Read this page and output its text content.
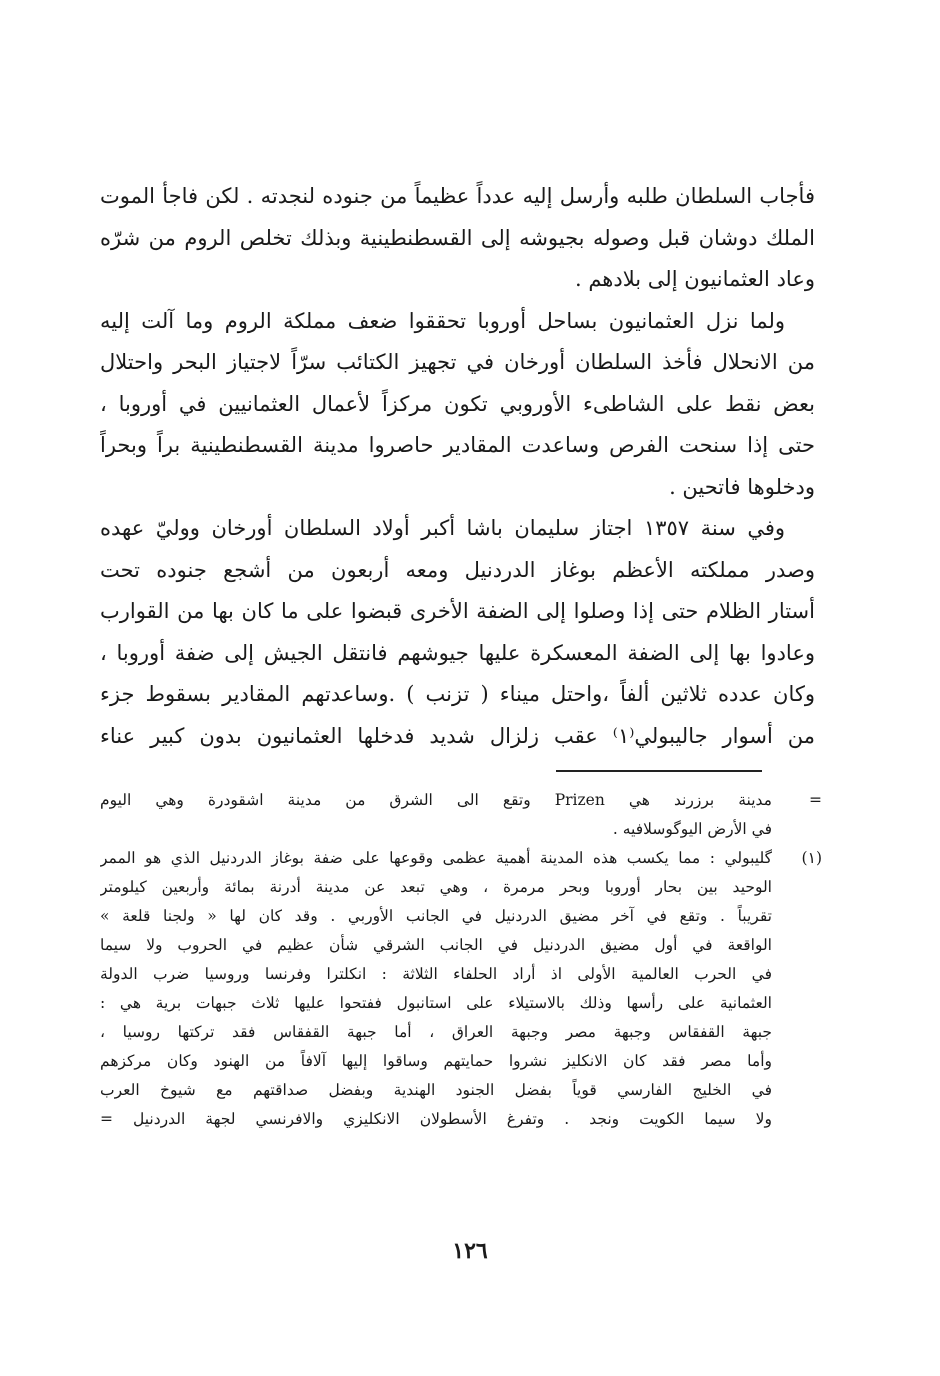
فأجاب السلطان طلبه وأرسل إليه عدداً عظيماً من جنوده لنجدته . لكن فاجأ الموت
الملك دوشان قبل وصوله بجيوشه إلى القسطنطينية وبذلك تخلص الروم من شرّه
وعاد العثمانيون إلى بلادهم .
ولما نزل العثمانيون بساحل أوروبا تحققوا ضعف مملكة الروم وما آلت إليه
من الانحلال فأخذ السلطان أورخان في تجهيز الكتائب سرّاً لاجتياز البحر واحتلال
بعض نقط على الشاطىء الأوروبي تكون مركزاً لأعمال العثمانيين في أوروبا ،
حتى إذا سنحت الفرص وساعدت المقادير حاصروا مدينة القسطنطينية براً وبحراً
ودخلوها فاتحين .
وفي سنة ١٣٥٧ اجتاز سليمان باشا أكبر أولاد السلطان أورخان ووليّ عهده
وصدر مملكته الأعظم بوغاز الدردنيل ومعه أربعون من أشجع جنوده تحت
أستار الظلام حتى إذا وصلوا إلى الضفة الأخرى قبضوا على ما كان بها من القوارب
وعادوا بها إلى الضفة المعسكرة عليها جيوشهم فانتقل الجيش إلى ضفة أوروبا ،
وكان عدده ثلاثين ألفاً ،واحتل ميناء ( تزنب ) .وساعدتهم المقادير بسقوط جزء
من أسوار جاليبولي⁽١⁾ عقب زلزال شديد فدخلها العثمانيون بدون كبير عناء
=
مدينة برزرند هي Prizen وتقع الى الشرق من مدينة اشقودرة وهي اليوم
في الأرض اليوگوسلافيه .
(١)
گليبولي : مما يكسب هذه المدينة أهمية عظمى وقوعها على ضفة بوغاز الدردنيل الذي هو الممر
الوحيد بين بحار أوروبا وبحر مرمرة ، وهي تبعد عن مدينة أدرنة بمائة وأربعين كيلومتر
تقريباً . وتقع في آخر مضيق الدردنيل في الجانب الأوربي . وقد كان لها « ولجنا قلعة »
الواقعة في أول مضيق الدردنيل في الجانب الشرقي شأن عظيم في الحروب ولا سيما
في الحرب العالمية الأولى اذ أراد الحلفاء الثلاثة : انكلترا وفرنسا وروسيا ضرب الدولة
العثمانية على رأسها وذلك بالاستيلاء على استانبول ففتحوا عليها ثلاث جبهات برية هي :
جبهة القفقاس وجبهة مصر وجبهة العراق ، أما جبهة القفقاس فقد تركتها روسيا ،
وأما مصر فقد كان الانكليز نشروا حمايتهم وساقوا إليها آلافاً من الهنود وكان مركزهم
في الخليج الفارسي قوياً بفضل الجنود الهندية وبفضل صداقتهم مع شيوخ العرب
ولا سيما الكويت ونجد . وتفرغ الأسطولان الانكليزي والافرنسي لجهة الدردنيل =
١٢٦
